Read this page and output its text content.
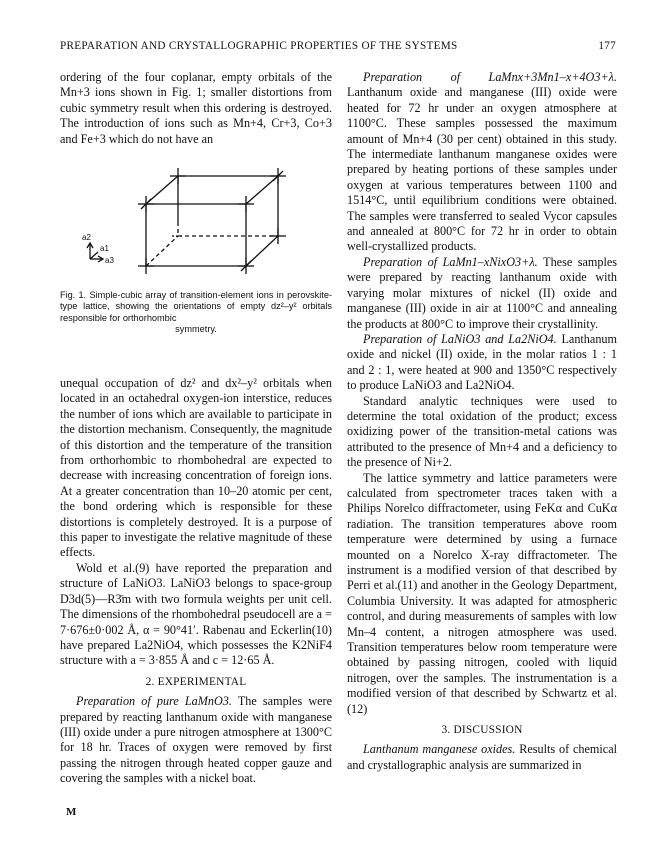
PREPARATION AND CRYSTALLOGRAPHIC PROPERTIES OF THE SYSTEMS	177

ordering of the four coplanar, empty orbitals of the Mn+3 ions shown in Fig. 1; smaller distortions from cubic symmetry result when this ordering is destroyed. The introduction of ions such as Mn+4, Cr+3, Co+3 and Fe+3 which do not have an

a2
a1
a3
Fig. 1. Simple-cubic array of transition-element ions in perovskite-type lattice, showing the orientations of empty dz²–y² orbitals responsible for orthorhombic
symmetry.

unequal occupation of dz² and dx²–y² orbitals when located in an octahedral oxygen-ion interstice, reduces the number of ions which are available to participate in the distortion mechanism. Consequently, the magnitude of this distortion and the temperature of the transition from orthorhombic to rhombohedral are expected to decrease with increasing concentration of foreign ions. At a greater concentration than 10–20 atomic per cent, the bond ordering which is responsible for these distortions is completely destroyed. It is a purpose of this paper to investigate the relative magnitude of these effects.

Wold et al.(9) have reported the preparation and structure of LaNiO3. LaNiO3 belongs to space-group D3d(5)—R3̄m with two formula weights per unit cell. The dimensions of the rhombohedral pseudocell are a = 7·676±0·002 Å, α = 90°41′. Rabenau and Eckerlin(10) have prepared La2NiO4, which possesses the K2NiF4 structure with a = 3·855 Å and c = 12·65 Å.

2. EXPERIMENTAL

Preparation of pure LaMnO3. The samples were prepared by reacting lanthanum oxide with manganese (III) oxide under a pure nitrogen atmosphere at 1300°C for 18 hr. Traces of oxygen were removed by first passing the nitrogen through heated copper gauze and covering the samples with a nickel boat.

Preparation of LaMnx+3Mn1–x+4O3+λ. Lanthanum oxide and manganese (III) oxide were heated for 72 hr under an oxygen atmosphere at 1100°C. These samples possessed the maximum amount of Mn+4 (30 per cent) obtained in this study. The intermediate lanthanum manganese oxides were prepared by heating portions of these samples under oxygen at various temperatures between 1100 and 1514°C, until equilibrium conditions were obtained. The samples were transferred to sealed Vycor capsules and annealed at 800°C for 72 hr in order to obtain well-crystallized products.

Preparation of LaMn1–xNixO3+λ. These samples were prepared by reacting lanthanum oxide with varying molar mixtures of nickel (II) oxide and manganese (III) oxide in air at 1100°C and annealing the products at 800°C to improve their crystallinity.

Preparation of LaNiO3 and La2NiO4. Lanthanum oxide and nickel (II) oxide, in the molar ratios 1 : 1 and 2 : 1, were heated at 900 and 1350°C respectively to produce LaNiO3 and La2NiO4.

Standard analytic techniques were used to determine the total oxidation of the product; excess oxidizing power of the transition-metal cations was attributed to the presence of Mn+4 and a deficiency to the presence of Ni+2.

The lattice symmetry and lattice parameters were calculated from spectrometer traces taken with a Philips Norelco diffractometer, using FeKα and CuKα radiation. The transition temperatures above room temperature were determined by using a furnace mounted on a Norelco X-ray diffractometer. The instrument is a modified version of that described by Perri et al.(11) and another in the Geology Department, Columbia University. It was adapted for atmospheric control, and during measurements of samples with low Mn–4 content, a nitrogen atmosphere was used. Transition temperatures below room temperature were obtained by passing nitrogen, cooled with liquid nitrogen, over the samples. The instrumentation is a modified version of that described by Schwartz et al.(12)

3. DISCUSSION

Lanthanum manganese oxides. Results of chemical and crystallographic analysis are summarized in

M
